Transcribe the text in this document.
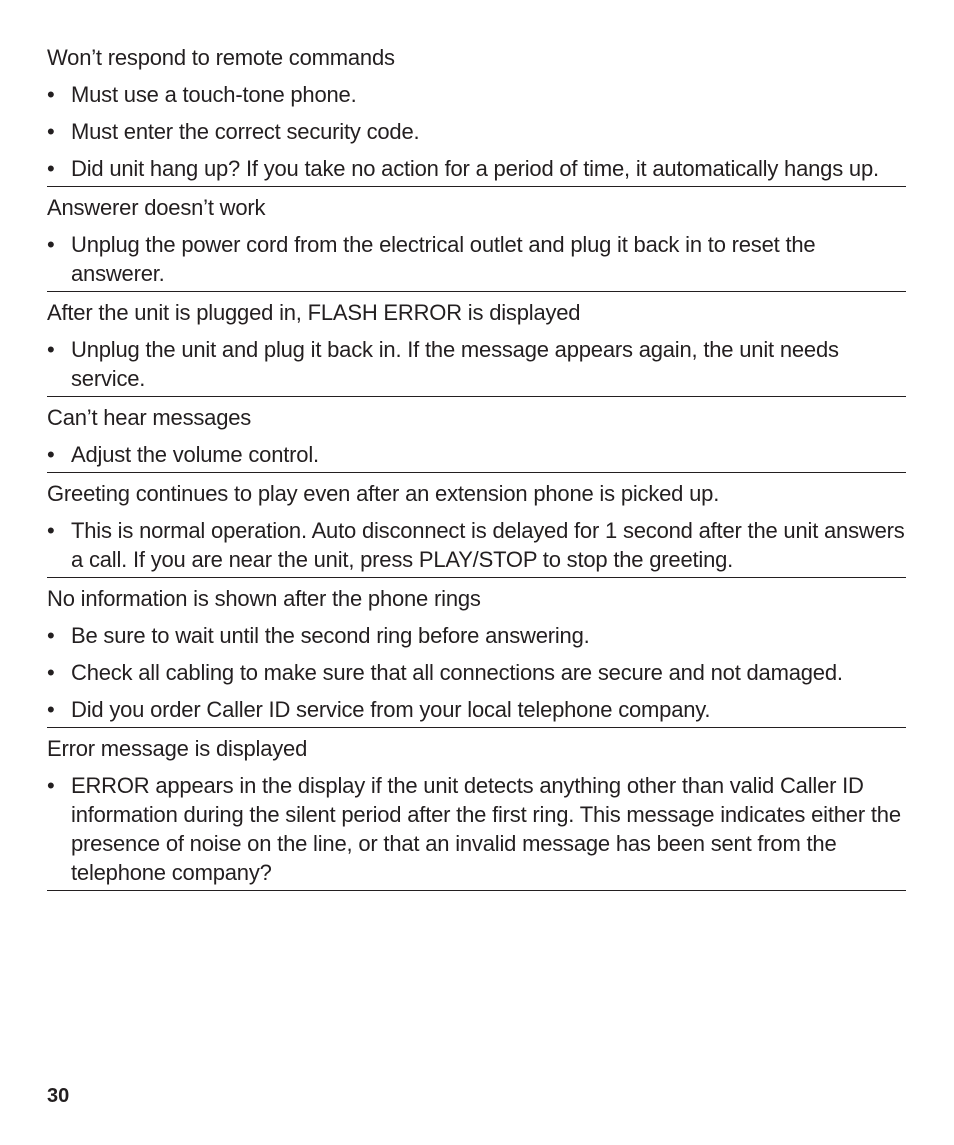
Won’t respond to remote commands

• Must use a touch-tone phone.
• Must enter the correct security code.
• Did unit hang up? If you take no action for a period of time, it automatically hangs up.

Answerer doesn’t work

• Unplug the power cord from the electrical outlet and plug it back in to reset the answerer.

After the unit is plugged in, FLASH ERROR is displayed

• Unplug the unit and plug it back in. If the message appears again, the unit needs service.

Can’t hear messages

• Adjust the volume control.

Greeting continues to play even after an extension phone is picked up.

• This is normal operation. Auto disconnect is delayed for 1 second after the unit answers a call. If you are near the unit, press PLAY/STOP to stop the greeting.

No information is shown after the phone rings

• Be sure to wait until the second ring before answering.
• Check all cabling to make sure that all connections are secure and not damaged.
• Did you order Caller ID service from your local telephone company.

Error message is displayed

• ERROR appears in the display if the unit detects anything other than valid Caller ID information during the silent period after the first ring. This message indicates either the presence of noise on the line, or that an invalid message has been sent from the telephone company?
30
